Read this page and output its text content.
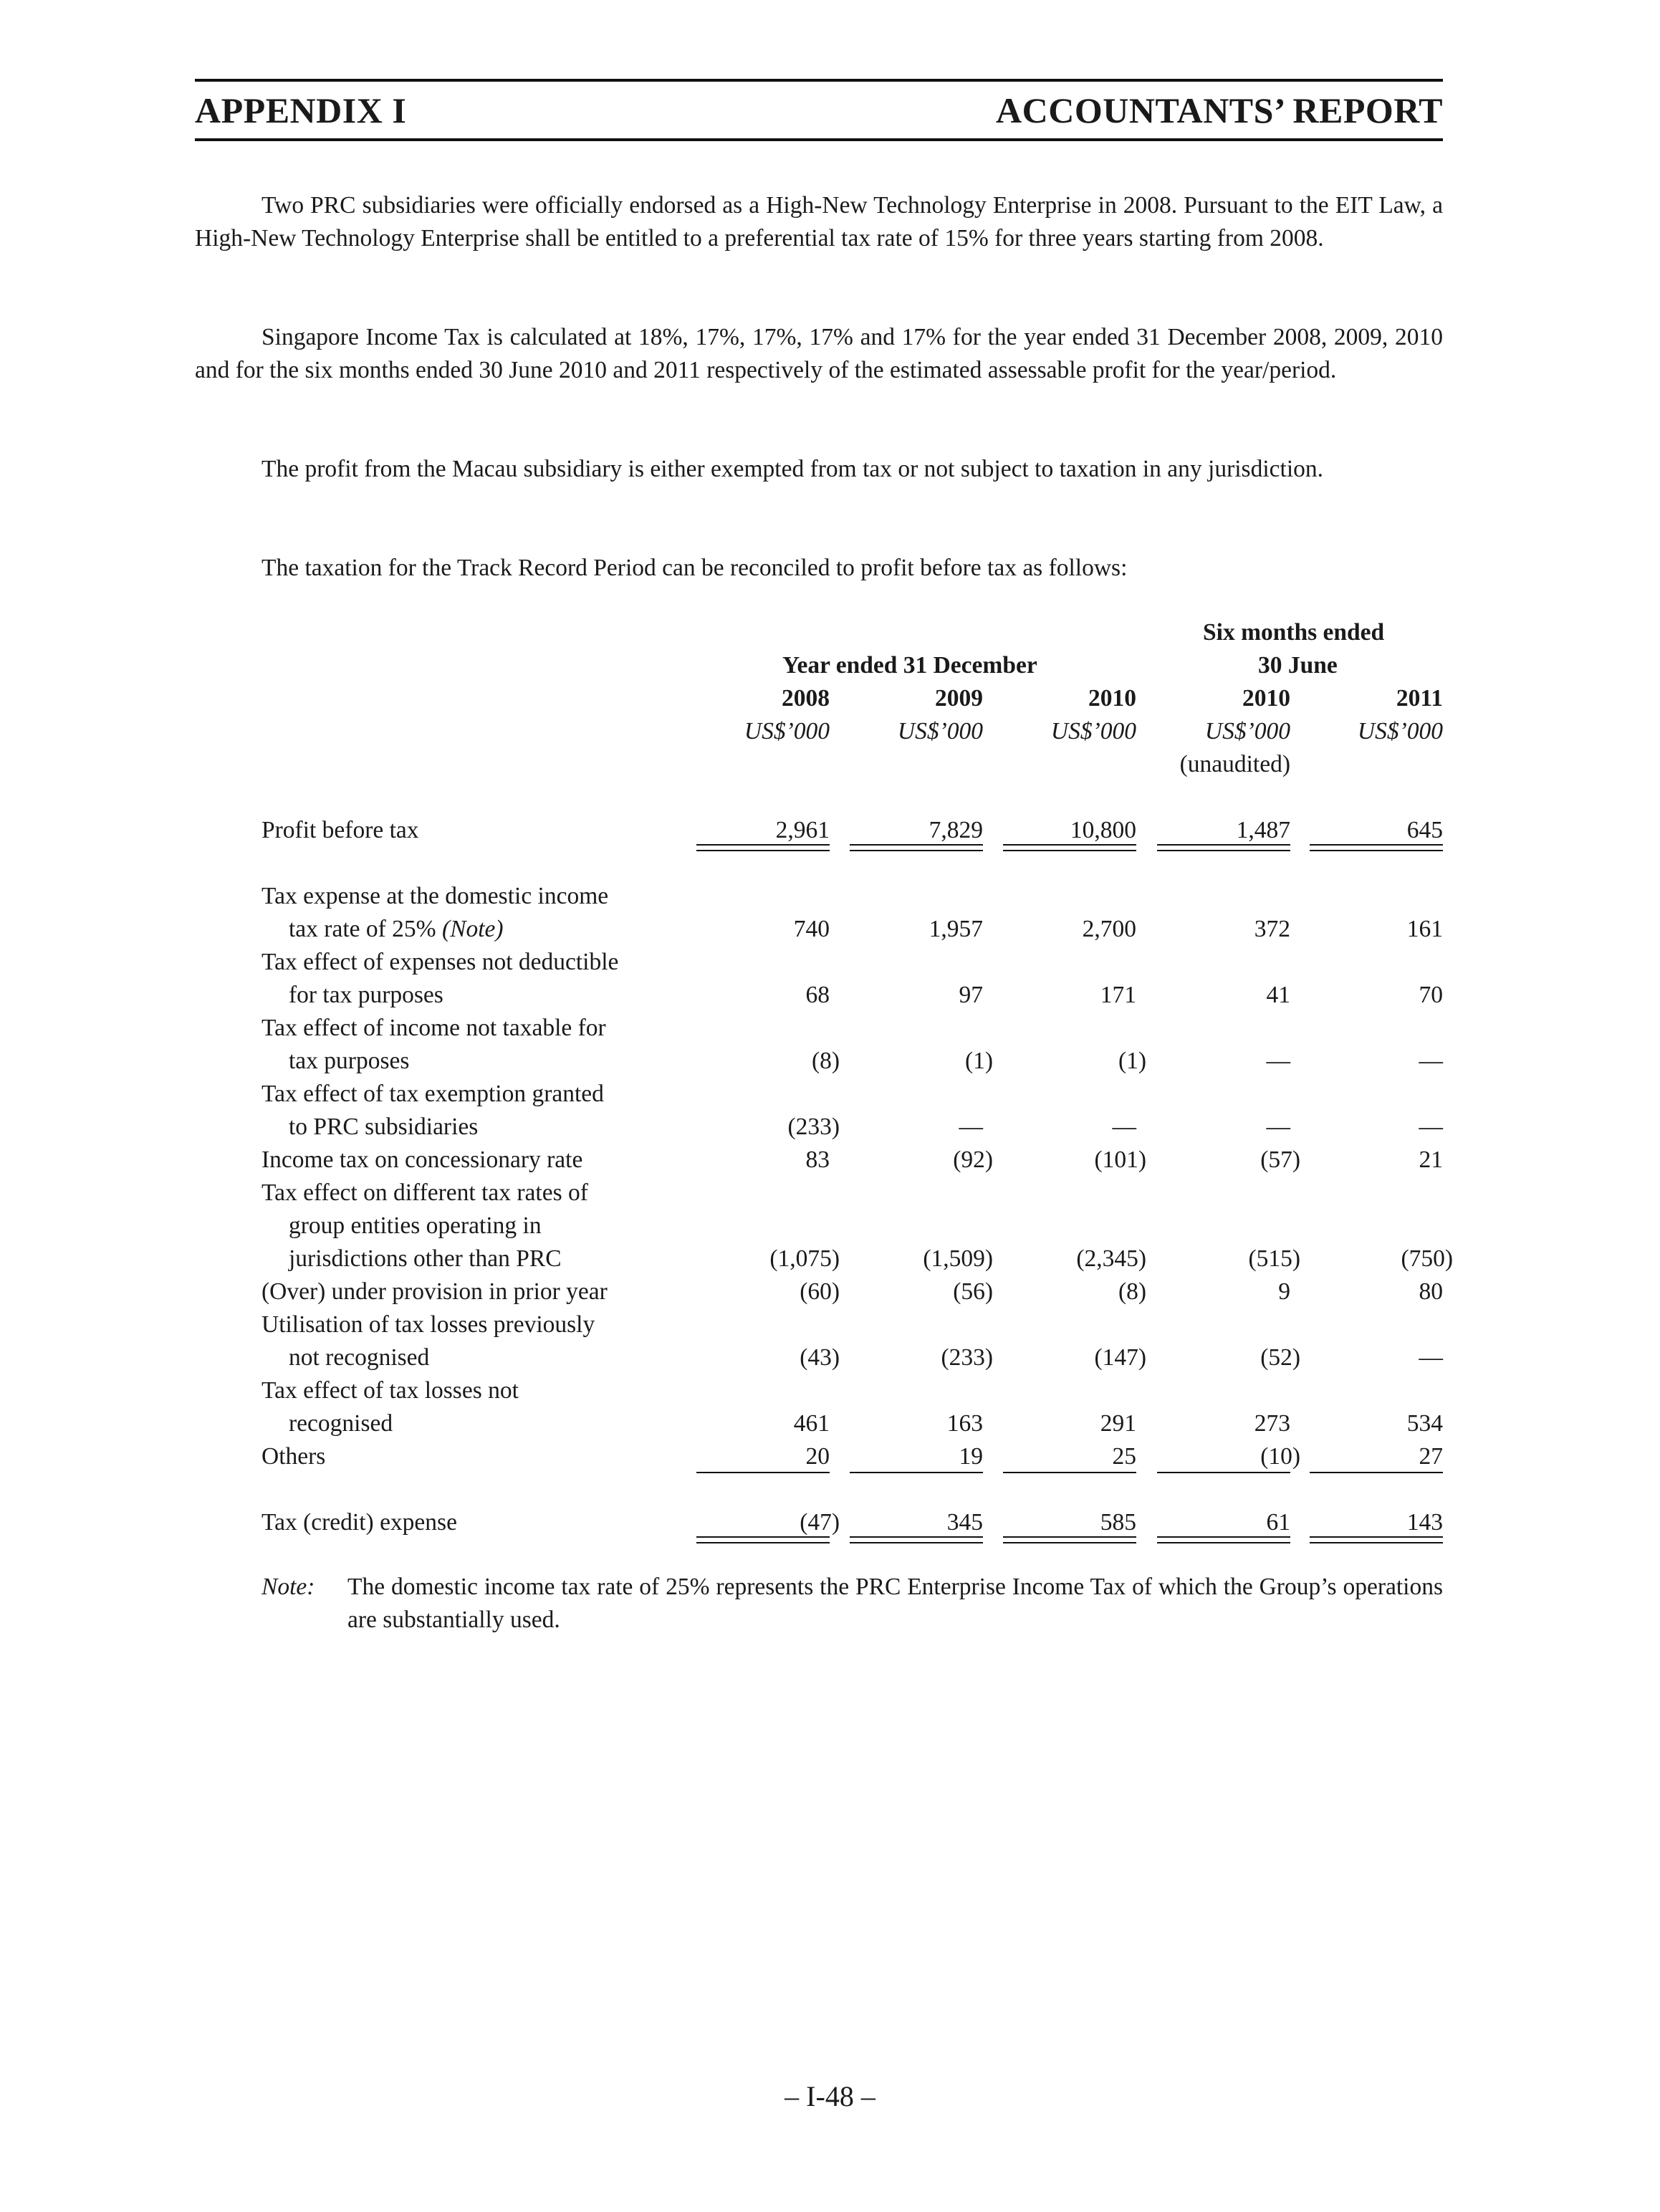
APPENDIX I	ACCOUNTANTS’ REPORT
Two PRC subsidiaries were officially endorsed as a High-New Technology Enterprise in 2008. Pursuant to the EIT Law, a High-New Technology Enterprise shall be entitled to a preferential tax rate of 15% for three years starting from 2008.
Singapore Income Tax is calculated at 18%, 17%, 17%, 17% and 17% for the year ended 31 December 2008, 2009, 2010 and for the six months ended 30 June 2010 and 2011 respectively of the estimated assessable profit for the year/period.
The profit from the Macau subsidiary is either exempted from tax or not subject to taxation in any jurisdiction.
The taxation for the Track Record Period can be reconciled to profit before tax as follows:
Six months ended
Year ended 31 December	30 June
2008	2009	2010	2010	2011
US$’000	US$’000	US$’000	US$’000	US$’000
(unaudited)
Profit before tax	2,961	7,829	10,800	1,487	645
Tax expense at the domestic income
tax rate of 25% (Note)	740	1,957	2,700	372	161
Tax effect of expenses not deductible
for tax purposes	68	97	171	41	70
Tax effect of income not taxable for
tax purposes	(8)	(1)	(1)	—	—
Tax effect of tax exemption granted
to PRC subsidiaries	(233)	—	—	—	—
Income tax on concessionary rate	83	(92)	(101)	(57)	21
Tax effect on different tax rates of
group entities operating in
jurisdictions other than PRC	(1,075)	(1,509)	(2,345)	(515)	(750)
(Over) under provision in prior year	(60)	(56)	(8)	9	80
Utilisation of tax losses previously
not recognised	(43)	(233)	(147)	(52)	—
Tax effect of tax losses not
recognised	461	163	291	273	534
Others	20	19	25	(10)	27
Tax (credit) expense	(47)	345	585	61	143
Note: The domestic income tax rate of 25% represents the PRC Enterprise Income Tax of which the Group’s operations are substantially used.
– I-48 –
